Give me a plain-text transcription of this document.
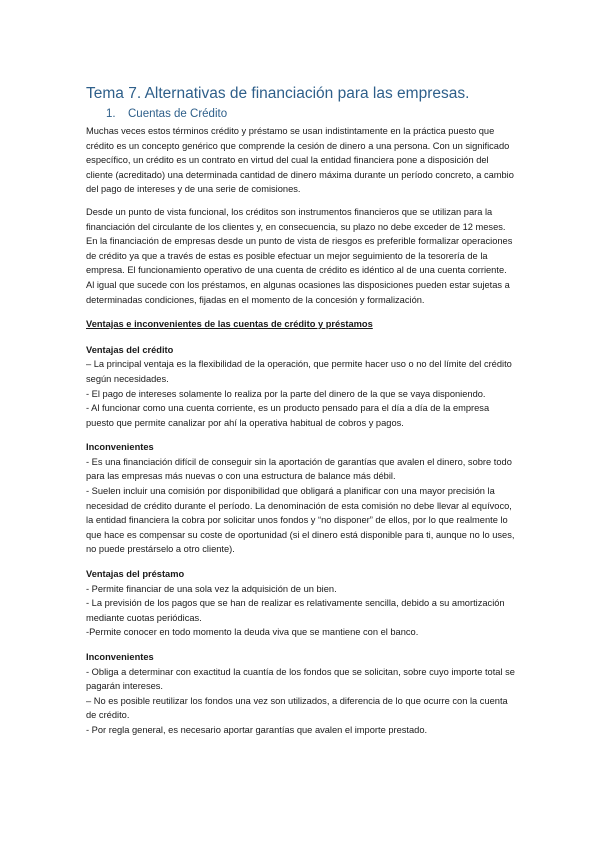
Tema 7. Alternativas de financiación para las empresas.
1. Cuentas de Crédito

Muchas veces estos términos crédito y préstamo se usan indistintamente en la práctica puesto que crédito es un concepto genérico que comprende la cesión de dinero a una persona. Con un significado específico, un crédito es un contrato en virtud del cual la entidad financiera pone a disposición del cliente (acreditado) una determinada cantidad de dinero máxima durante un período concreto, a cambio del pago de intereses y de una serie de comisiones.

Desde un punto de vista funcional, los créditos son instrumentos financieros que se utilizan para la financiación del circulante de los clientes y, en consecuencia, su plazo no debe exceder de 12 meses. En la financiación de empresas desde un punto de vista de riesgos es preferible formalizar operaciones de crédito ya que a través de estas es posible efectuar un mejor seguimiento de la tesorería de la empresa. El funcionamiento operativo de una cuenta de crédito es idéntico al de una cuenta corriente. Al igual que sucede con los préstamos, en algunas ocasiones las disposiciones pueden estar sujetas a determinadas condiciones, fijadas en el momento de la concesión y formalización.

Ventajas e inconvenientes de las cuentas de crédito y préstamos
Ventajas del crédito
– La principal ventaja es la flexibilidad de la operación, que permite hacer uso o no del límite del crédito según necesidades.
- El pago de intereses solamente lo realiza por la parte del dinero de la que se vaya disponiendo.
- Al funcionar como una cuenta corriente, es un producto pensado para el día a día de la empresa puesto que permite canalizar por ahí la operativa habitual de cobros y pagos.
Inconvenientes
- Es una financiación difícil de conseguir sin la aportación de garantías que avalen el dinero, sobre todo para las empresas más nuevas o con una estructura de balance más débil.
- Suelen incluir una comisión por disponibilidad que obligará a planificar con una mayor precisión la necesidad de crédito durante el período. La denominación de esta comisión no debe llevar al equívoco, la entidad financiera la cobra por solicitar unos fondos y “no disponer” de ellos, por lo que realmente lo que hace es compensar su coste de oportunidad (si el dinero está disponible para ti, aunque no lo uses, no puede prestárselo a otro cliente).
Ventajas del préstamo
- Permite financiar de una sola vez la adquisición de un bien.
- La previsión de los pagos que se han de realizar es relativamente sencilla, debido a su amortización mediante cuotas periódicas.
-Permite conocer en todo momento la deuda viva que se mantiene con el banco.
Inconvenientes
- Obliga a determinar con exactitud la cuantía de los fondos que se solicitan, sobre cuyo importe total se pagarán intereses.
– No es posible reutilizar los fondos una vez son utilizados, a diferencia de lo que ocurre con la cuenta de crédito.
- Por regla general, es necesario aportar garantías que avalen el importe prestado.
